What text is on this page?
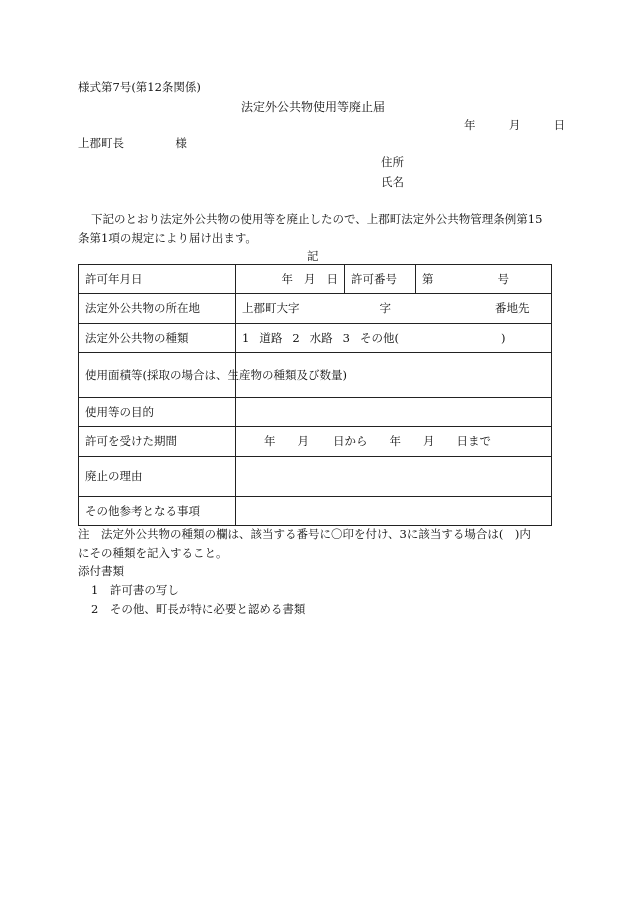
様式第7号(第12条関係)
法定外公共物使用等廃止届
年	月	日
上郡町長	様
住所
氏名
下記のとおり法定外公共物の使用等を廃止したので、上郡町法定外公共物管理条例第15
条第1項の規定により届け出ます。
記
許可年月日	年 月 日	許可番号	第 号
法定外公共物の所在地	上郡町大字 字 番地先		
法定外公共物の種類	1 道路 2 水路 3 その他( )		
使用面積等(採取の場合は、生産物の種類及び数量)			
使用等の目的			
許可を受けた期間	年 月 日から 年 月 日まで		
廃止の理由			
その他参考となる事項			
注　法定外公共物の種類の欄は、該当する番号に〇印を付け、3に該当する場合は(　)内
にその種類を記入すること。
添付書類
1　許可書の写し
2　その他、町長が特に必要と認める書類
